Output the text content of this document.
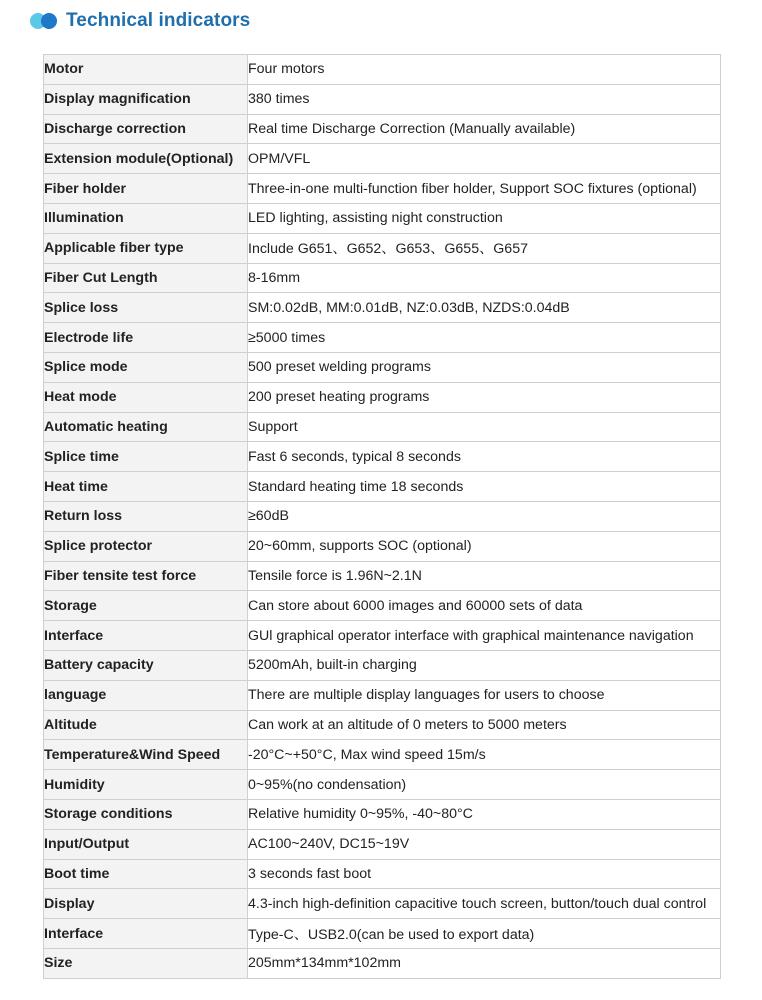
Technical indicators
Motor	Four motors
Display magnification	380 times
Discharge correction	Real time Discharge Correction (Manually available)
Extension module(Optional)	OPM/VFL
Fiber holder	Three-in-one multi-function fiber holder, Support SOC fixtures (optional)
Illumination	LED lighting, assisting night construction
Applicable fiber type	Include G651、G652、G653、G655、G657
Fiber Cut Length	8-16mm
Splice loss	SM:0.02dB, MM:0.01dB, NZ:0.03dB, NZDS:0.04dB
Electrode life	≥5000 times
Splice mode	500 preset welding programs
Heat mode	200 preset heating programs
Automatic heating	Support
Splice time	Fast 6 seconds, typical 8 seconds
Heat time	Standard heating time 18 seconds
Return loss	≥60dB
Splice protector	20~60mm, supports SOC (optional)
Fiber tensite test force	Tensile force is 1.96N~2.1N
Storage	Can store about 6000 images and 60000 sets of data
Interface	GUl graphical operator interface with graphical maintenance navigation
Battery capacity	5200mAh, built-in charging
language	There are multiple display languages for users to choose
Altitude	Can work at an altitude of 0 meters to 5000 meters
Temperature&Wind Speed	-20°C~+50°C, Max wind speed 15m/s
Humidity	0~95%(no condensation)
Storage conditions	Relative humidity 0~95%, -40~80°C
Input/Output	AC100~240V, DC15~19V
Boot time	3 seconds fast boot
Display	4.3-inch high-definition capacitive touch screen, button/touch dual control
Interface	Type-C、USB2.0(can be used to export data)
Size	205mm*134mm*102mm
